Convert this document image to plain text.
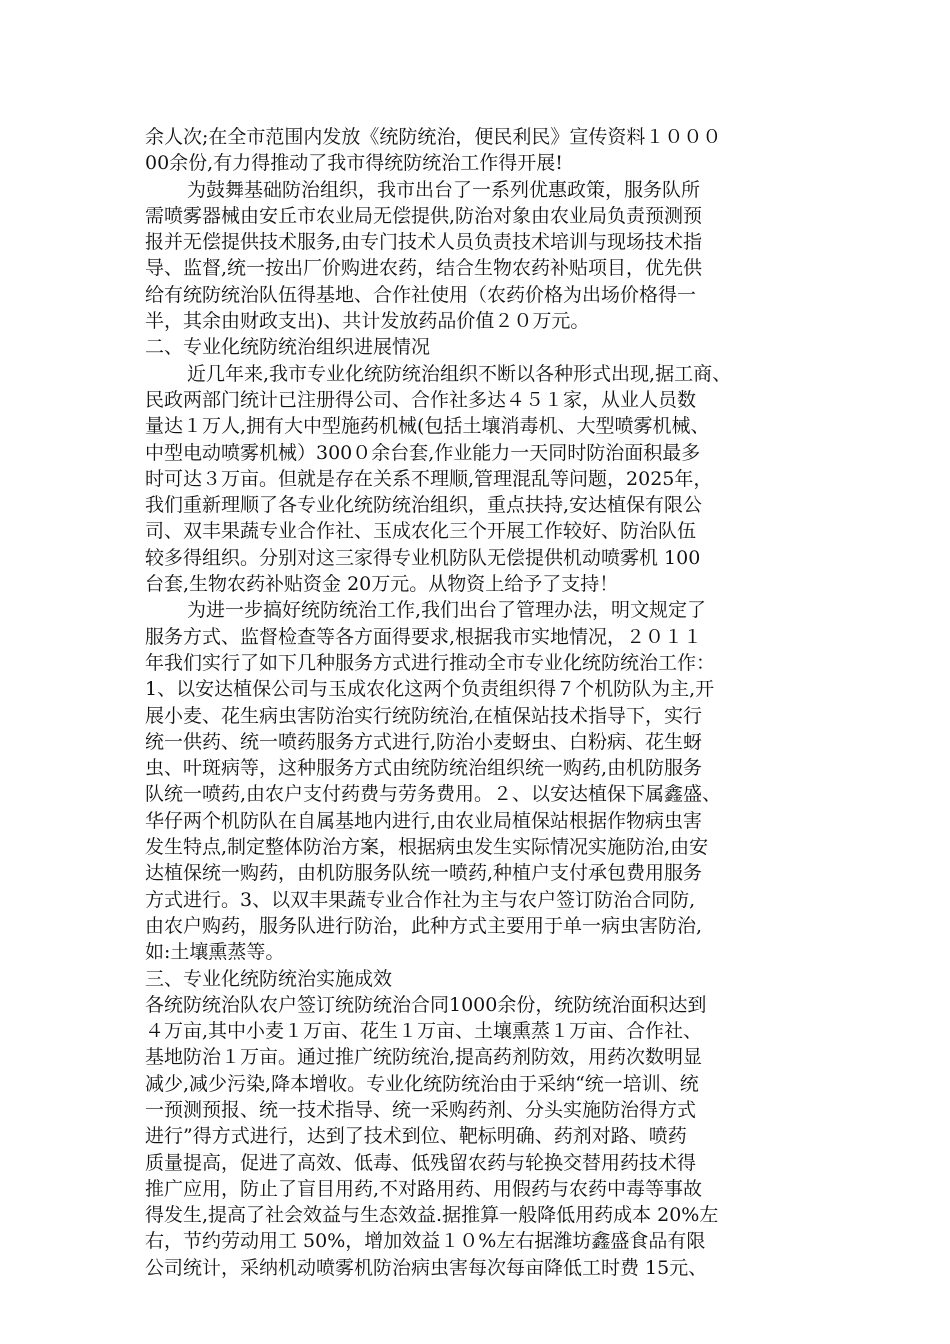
余人次;在全市范围内发放《统防统治，便民利民》宣传资料１０００
00余份,有力得推动了我市得统防统治工作得开展!
为鼓舞基础防治组织，我市出台了一系列优惠政策，服务队所
需喷雾器械由安丘市农业局无偿提供,防治对象由农业局负责预测预
报并无偿提供技术服务,由专门技术人员负责技术培训与现场技术指
导、监督,统一按出厂价购进农药，结合生物农药补贴项目，优先供
给有统防统治队伍得基地、合作社使用（农药价格为出场价格得一
半，其余由财政支出)、共计发放药品价值２０万元。
二、专业化统防统治组织进展情况
近几年来,我市专业化统防统治组织不断以各种形式出现,据工商、
民政两部门统计已注册得公司、合作社多达４５１家，从业人员数
量达１万人,拥有大中型施药机械(包括土壤消毒机、大型喷雾机械、
中型电动喷雾机械）300０余台套,作业能力一天同时防治面积最多
时可达３万亩。但就是存在关系不理顺,管理混乱等问题，2025年，
我们重新理顺了各专业化统防统治组织，重点扶持,安达植保有限公
司、双丰果蔬专业合作社、玉成农化三个开展工作较好、防治队伍
较多得组织。分别对这三家得专业机防队无偿提供机动喷雾机 100
台套,生物农药补贴资金 20万元。从物资上给予了支持！
为进一步搞好统防统治工作,我们出台了管理办法，明文规定了
服务方式、监督检查等各方面得要求,根据我市实地情况，２０１１
年我们实行了如下几种服务方式进行推动全市专业化统防统治工作：
1、以安达植保公司与玉成农化这两个负责组织得７个机防队为主,开
展小麦、花生病虫害防治实行统防统治,在植保站技术指导下，实行
统一供药、统一喷药服务方式进行,防治小麦蚜虫、白粉病、花生蚜
虫、叶斑病等，这种服务方式由统防统治组织统一购药,由机防服务
队统一喷药,由农户支付药费与劳务费用。２、以安达植保下属鑫盛、
华仔两个机防队在自属基地内进行,由农业局植保站根据作物病虫害
发生特点,制定整体防治方案，根据病虫发生实际情况实施防治,由安
达植保统一购药，由机防服务队统一喷药,种植户支付承包费用服务
方式进行。3、以双丰果蔬专业合作社为主与农户签订防治合同防,
由农户购药，服务队进行防治，此种方式主要用于单一病虫害防治,
如:土壤熏蒸等。
三、专业化统防统治实施成效
各统防统治队农户签订统防统治合同1000余份，统防统治面积达到
４万亩,其中小麦１万亩、花生１万亩、土壤熏蒸１万亩、合作社、
基地防治１万亩。通过推广统防统治,提高药剂防效，用药次数明显
减少,减少污染,降本增收。专业化统防统治由于采纳“统一培训、统
一预测预报、统一技术指导、统一采购药剂、分头实施防治得方式
进行”得方式进行，达到了技术到位、靶标明确、药剂对路、喷药
质量提高，促进了高效、低毒、低残留农药与轮换交替用药技术得
推广应用，防止了盲目用药,不对路用药、用假药与农药中毒等事故
得发生,提高了社会效益与生态效益.据推算一般降低用药成本 20%左
右，节约劳动用工 50%，增加效益１０%左右据潍坊鑫盛食品有限
公司统计，采纳机动喷雾机防治病虫害每次每亩降低工时费 15元、
